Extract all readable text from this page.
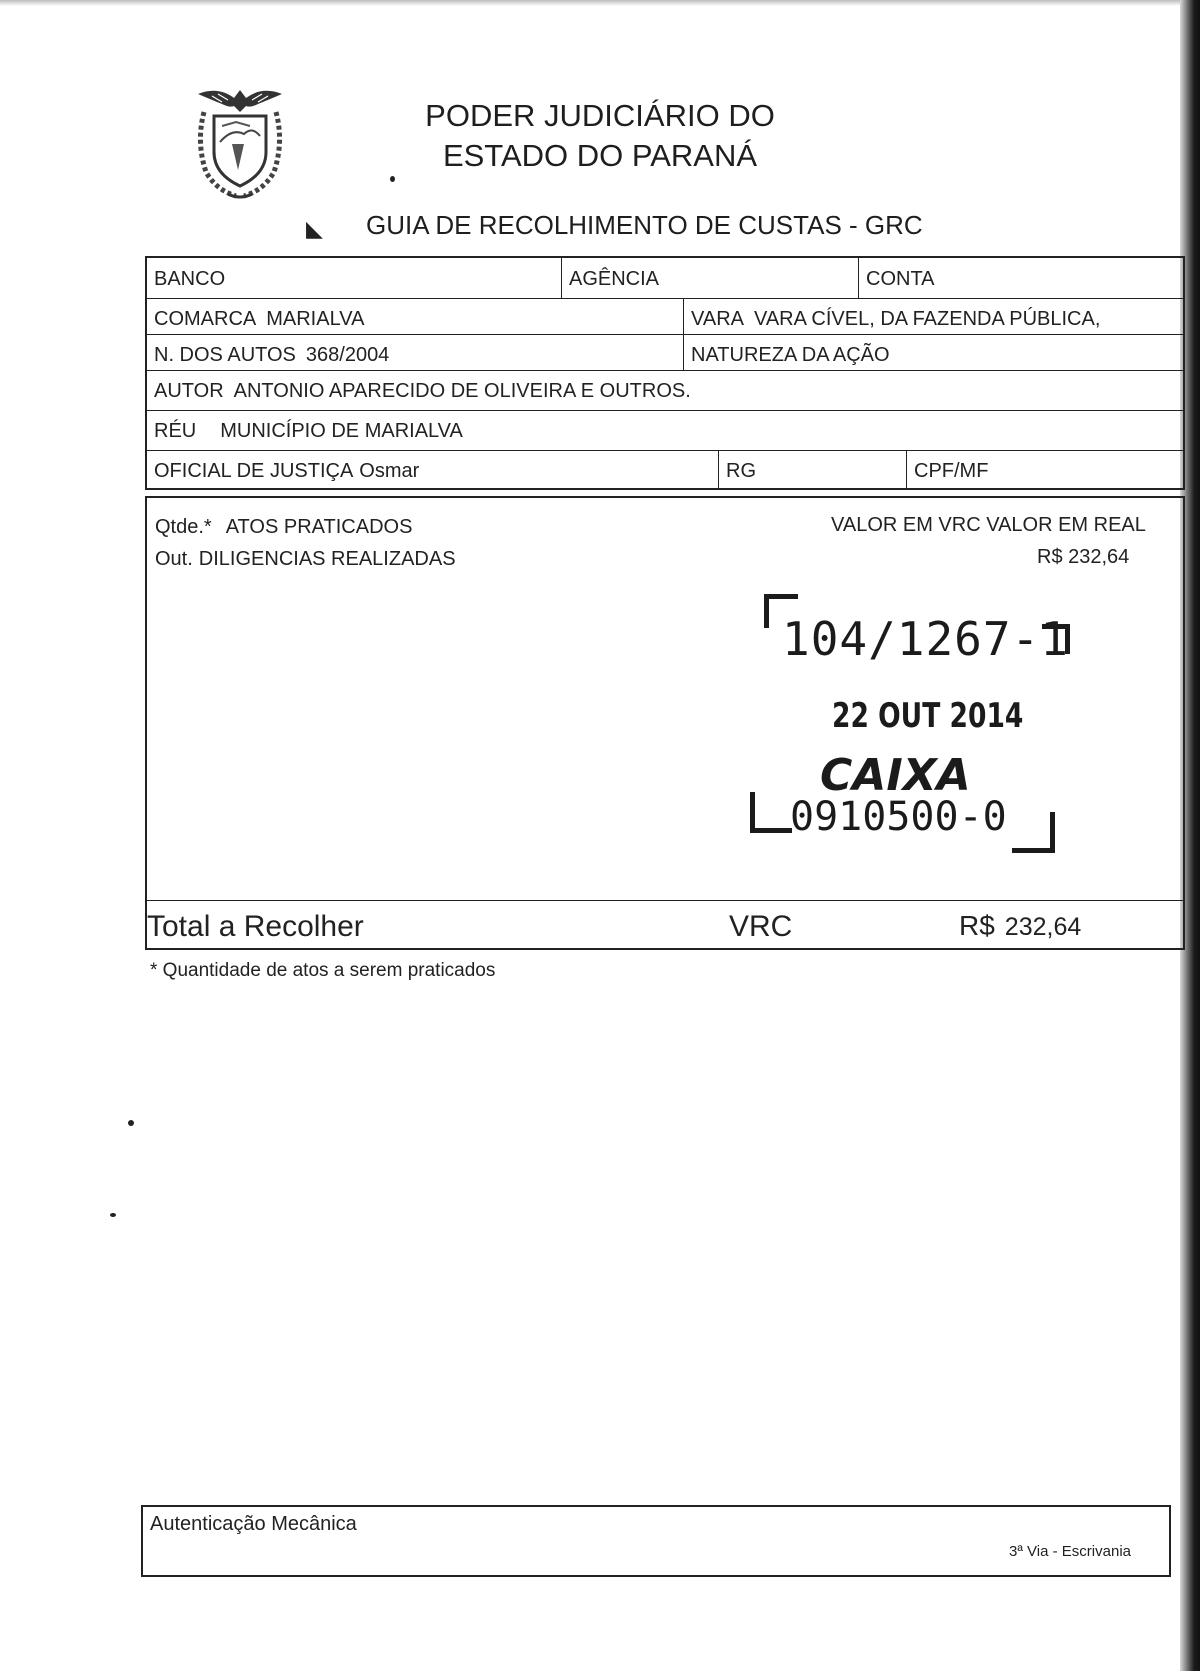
PODER JUDICIÁRIO DO ESTADO DO PARANÁ
◣ GUIA DE RECOLHIMENTO DE CUSTAS - GRC
BANCO	AGÊNCIA	CONTA
COMARCA MARIALVA	VARA VARA CÍVEL, DA FAZENDA PÚBLICA,
N. DOS AUTOS 368/2004	NATUREZA DA AÇÃO
AUTOR ANTONIO APARECIDO DE OLIVEIRA E OUTROS.
RÉU MUNICÍPIO DE MARIALVA
OFICIAL DE JUSTIÇA Osmar	RG	CPF/MF
Qtde.* ATOS PRATICADOS	VALOR EM VRC VALOR EM REAL
Out. DILIGENCIAS REALIZADAS	R$ 232,64
Total a Recolher	VRC	R$ 232,64
104/1267-1
22 OUT 2014
CAIXA
0910500-0
* Quantidade de atos a serem praticados
Autenticação Mecânica
3ª Via - Escrivania
